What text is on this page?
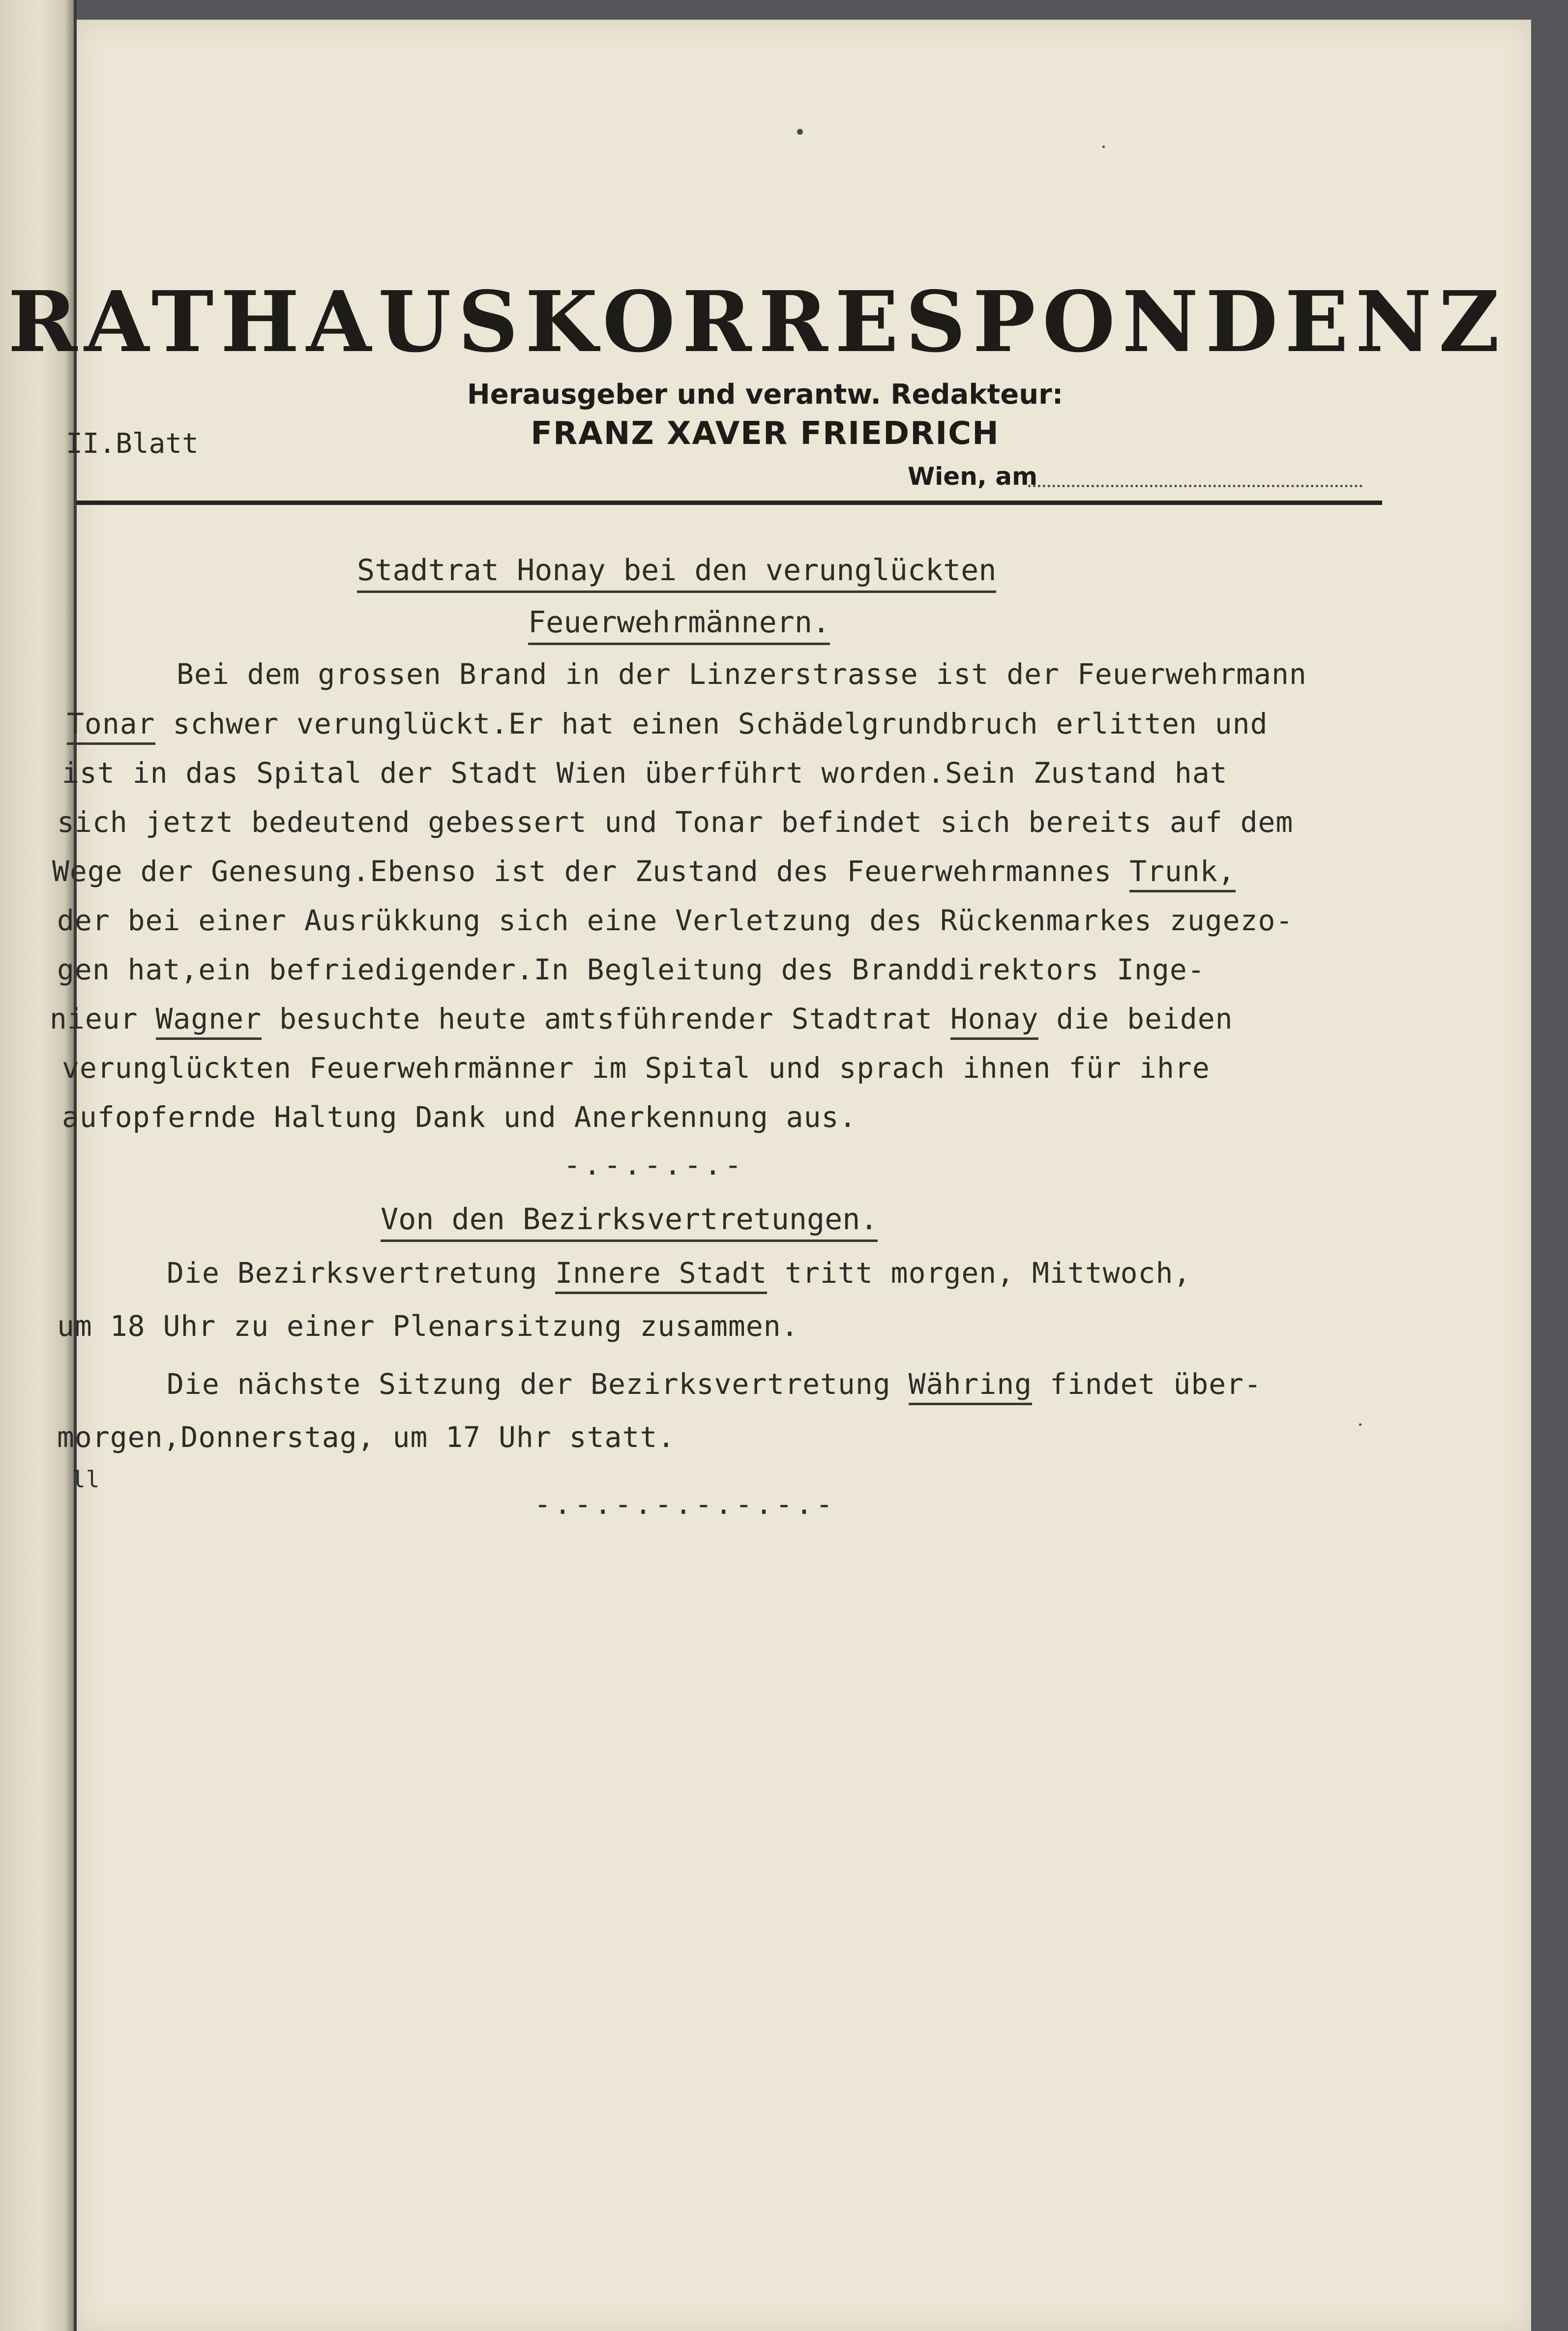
RATHAUSKORRESPONDENZ
Herausgeber und verantw. Redakteur:
FRANZ XAVER FRIEDRICH
Wien, am
II.Blatt
Stadtrat Honay bei den verunglückten
Feuerwehrmännern.
Bei dem grossen Brand in der Linzerstrasse ist der Feuerwehrmann
Tonar schwer verunglückt.Er hat einen Schädelgrundbruch erlitten und
ist in das Spital der Stadt Wien überführt worden.Sein Zustand hat
sich jetzt bedeutend gebessert und Tonar befindet sich bereits auf dem
Wege der Genesung.Ebenso ist der Zustand des Feuerwehrmannes Trunk,
der bei einer Ausrükkung sich eine Verletzung des Rückenmarkes zugezo-
gen hat,ein befriedigender.In Begleitung des Branddirektors Inge-
nieur Wagner besuchte heute amtsführender Stadtrat Honay die beiden
verunglückten Feuerwehrmänner im Spital und sprach ihnen für ihre
aufopfernde Haltung Dank und Anerkennung aus.
-.-.-.-.-
Von den Bezirksvertretungen.
Die Bezirksvertretung Innere Stadt tritt morgen, Mittwoch,
um 18 Uhr zu einer Plenarsitzung zusammen.
Die nächste Sitzung der Bezirksvertretung Währing findet über-
morgen,Donnerstag, um 17 Uhr statt.
ll
-.-.-.-.-.-.-.-
